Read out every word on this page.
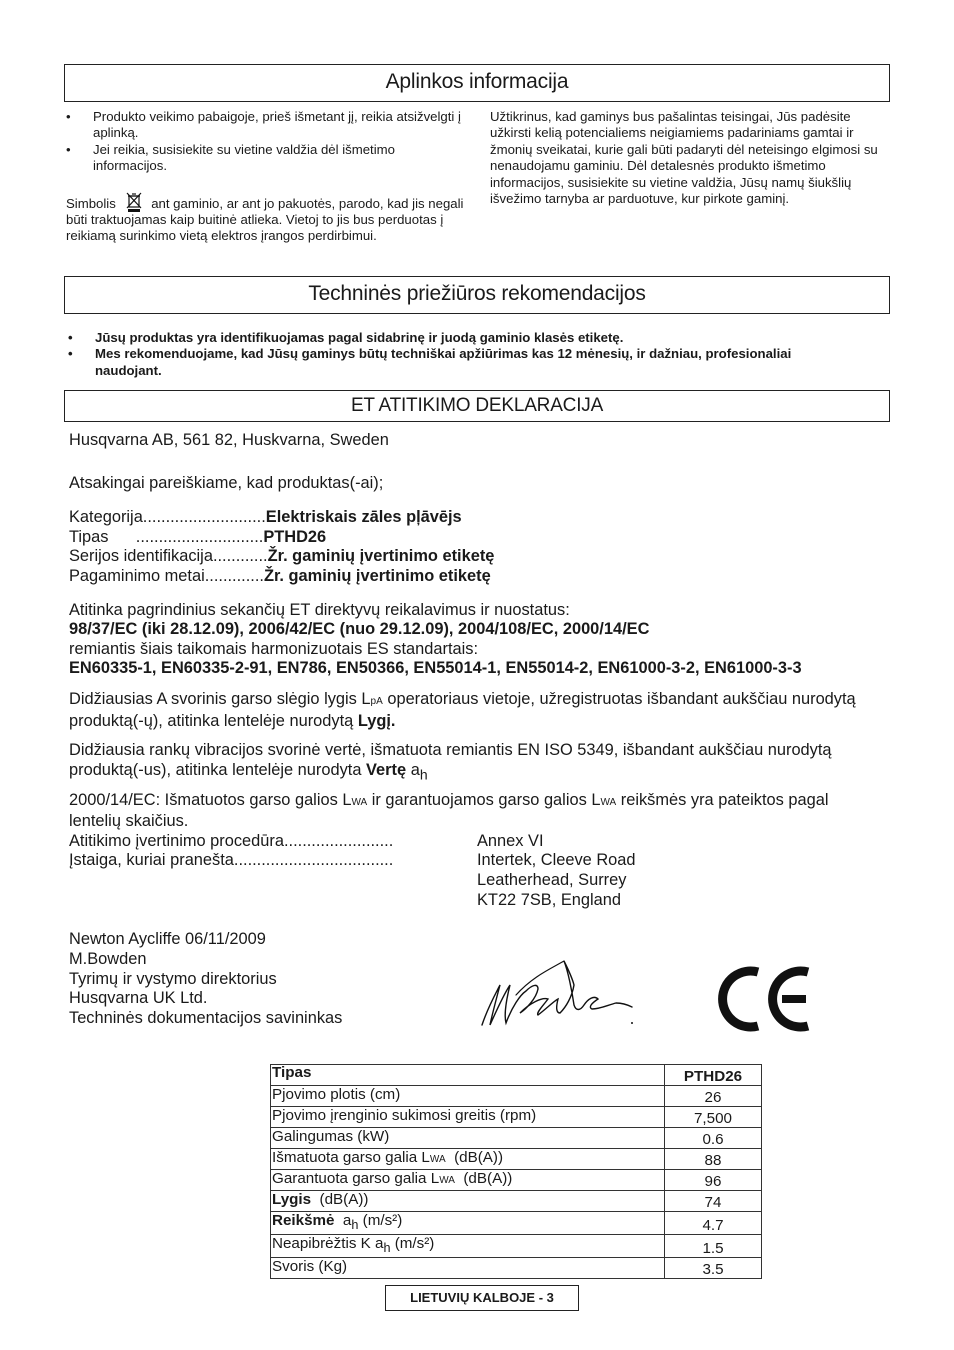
Aplinkos informacija
• Produkto veikimo pabaigoje, prieš išmetant jį, reikia atsižvelgti į aplinką.
• Jei reikia, susisiekite su vietine valdžia dėl išmetimo informacijos.
Simbolis	ant gaminio, ar ant jo pakuotės, parodo, kad jis negali būti traktuojamas kaip buitinė atlieka. Vietoj to jis bus perduotas į reikiamą surinkimo vietą elektros įrangos perdirbimui.
Užtikrinus, kad gaminys bus pašalintas teisingai, Jūs padėsite užkirsti kelią potencialiems neigiamiems padariniams gamtai ir žmonių sveikatai, kurie gali būti padaryti dėl neteisingo elgimosi su nenaudojamu gaminiu. Dėl detalesnės produkto išmetimo informacijos, susisiekite su vietine valdžia, Jūsų namų šiukšlių išvežimo tarnyba ar parduotuve, kur pirkote gaminį.
Techninės priežiūros rekomendacijos
• Jūsų produktas yra identifikuojamas pagal sidabrinę ir juodą gaminio klasės etiketę.
• Mes rekomenduojame, kad Jūsų gaminys būtų techniškai apžiūrimas kas 12 mėnesių, ir dažniau, profesionaliai naudojant.
ET ATITIKIMO DEKLARACIJA
Husqvarna AB, 561 82, Huskvarna, Sweden
Atsakingai pareiškiame, kad produktas(-ai);
Kategorija...........................Elektriskais zāles pļāvējs
Tipas      ............................PTHD26
Serijos identifikacija............Žr. gaminių įvertinimo etiketę
Pagaminimo metai.............Žr. gaminių įvertinimo etiketę
Atitinka pagrindinius sekančių ET direktyvų reikalavimus ir nuostatus:
98/37/EC (iki 28.12.09), 2006/42/EC (nuo 29.12.09), 2004/108/EC, 2000/14/EC
remiantis šiais taikomais harmonizuotais ES standartais:
EN60335-1, EN60335-2-91, EN786, EN50366, EN55014-1, EN55014-2, EN61000-3-2, EN61000-3-3
Didžiausias A svorinis garso slėgio lygis LpA operatoriaus vietoje, užregistruotas išbandant aukščiau nurodytą produktą(-ų), atitinka lentelėje nurodytą Lygį.
Didžiausia rankų vibracijos svorinė vertė, išmatuota remiantis EN ISO 5349, išbandant aukščiau nurodytą produktą(-us), atitinka lentelėje nurodyta Vertę $a_h$
2000/14/EC: Išmatuotos garso galios LWA ir garantuojamos garso galios LWA reikšmės yra pateiktos pagal lentelių skaičius.
Atitikimo įvertinimo procedūra........................	Annex VI
Įstaiga, kuriai pranešta...................................	Intertek, Cleeve Road
Leatherhead, Surrey
KT22 7SB, England
Newton Aycliffe 06/11/2009
M.Bowden
Tyrimų ir vystymo direktorius
Husqvarna UK Ltd.
Techninės dokumentacijos savininkas
Tipas	PTHD26
Pjovimo plotis (cm)	26
Pjovimo įrenginio sukimosi greitis (rpm)	7,500
Galingumas (kW)	0.6
Išmatuota garso galia LWA  (dB(A))	88
Garantuota garso galia LWA  (dB(A))	96
Lygis  (dB(A))	74
Reikšmė  $a_h$ (m/s²)	4.7
Neapibrėžtis K $a_h$ (m/s²)	1.5
Svoris (Kg)	3.5
LIETUVIŲ KALBOJE - 3
